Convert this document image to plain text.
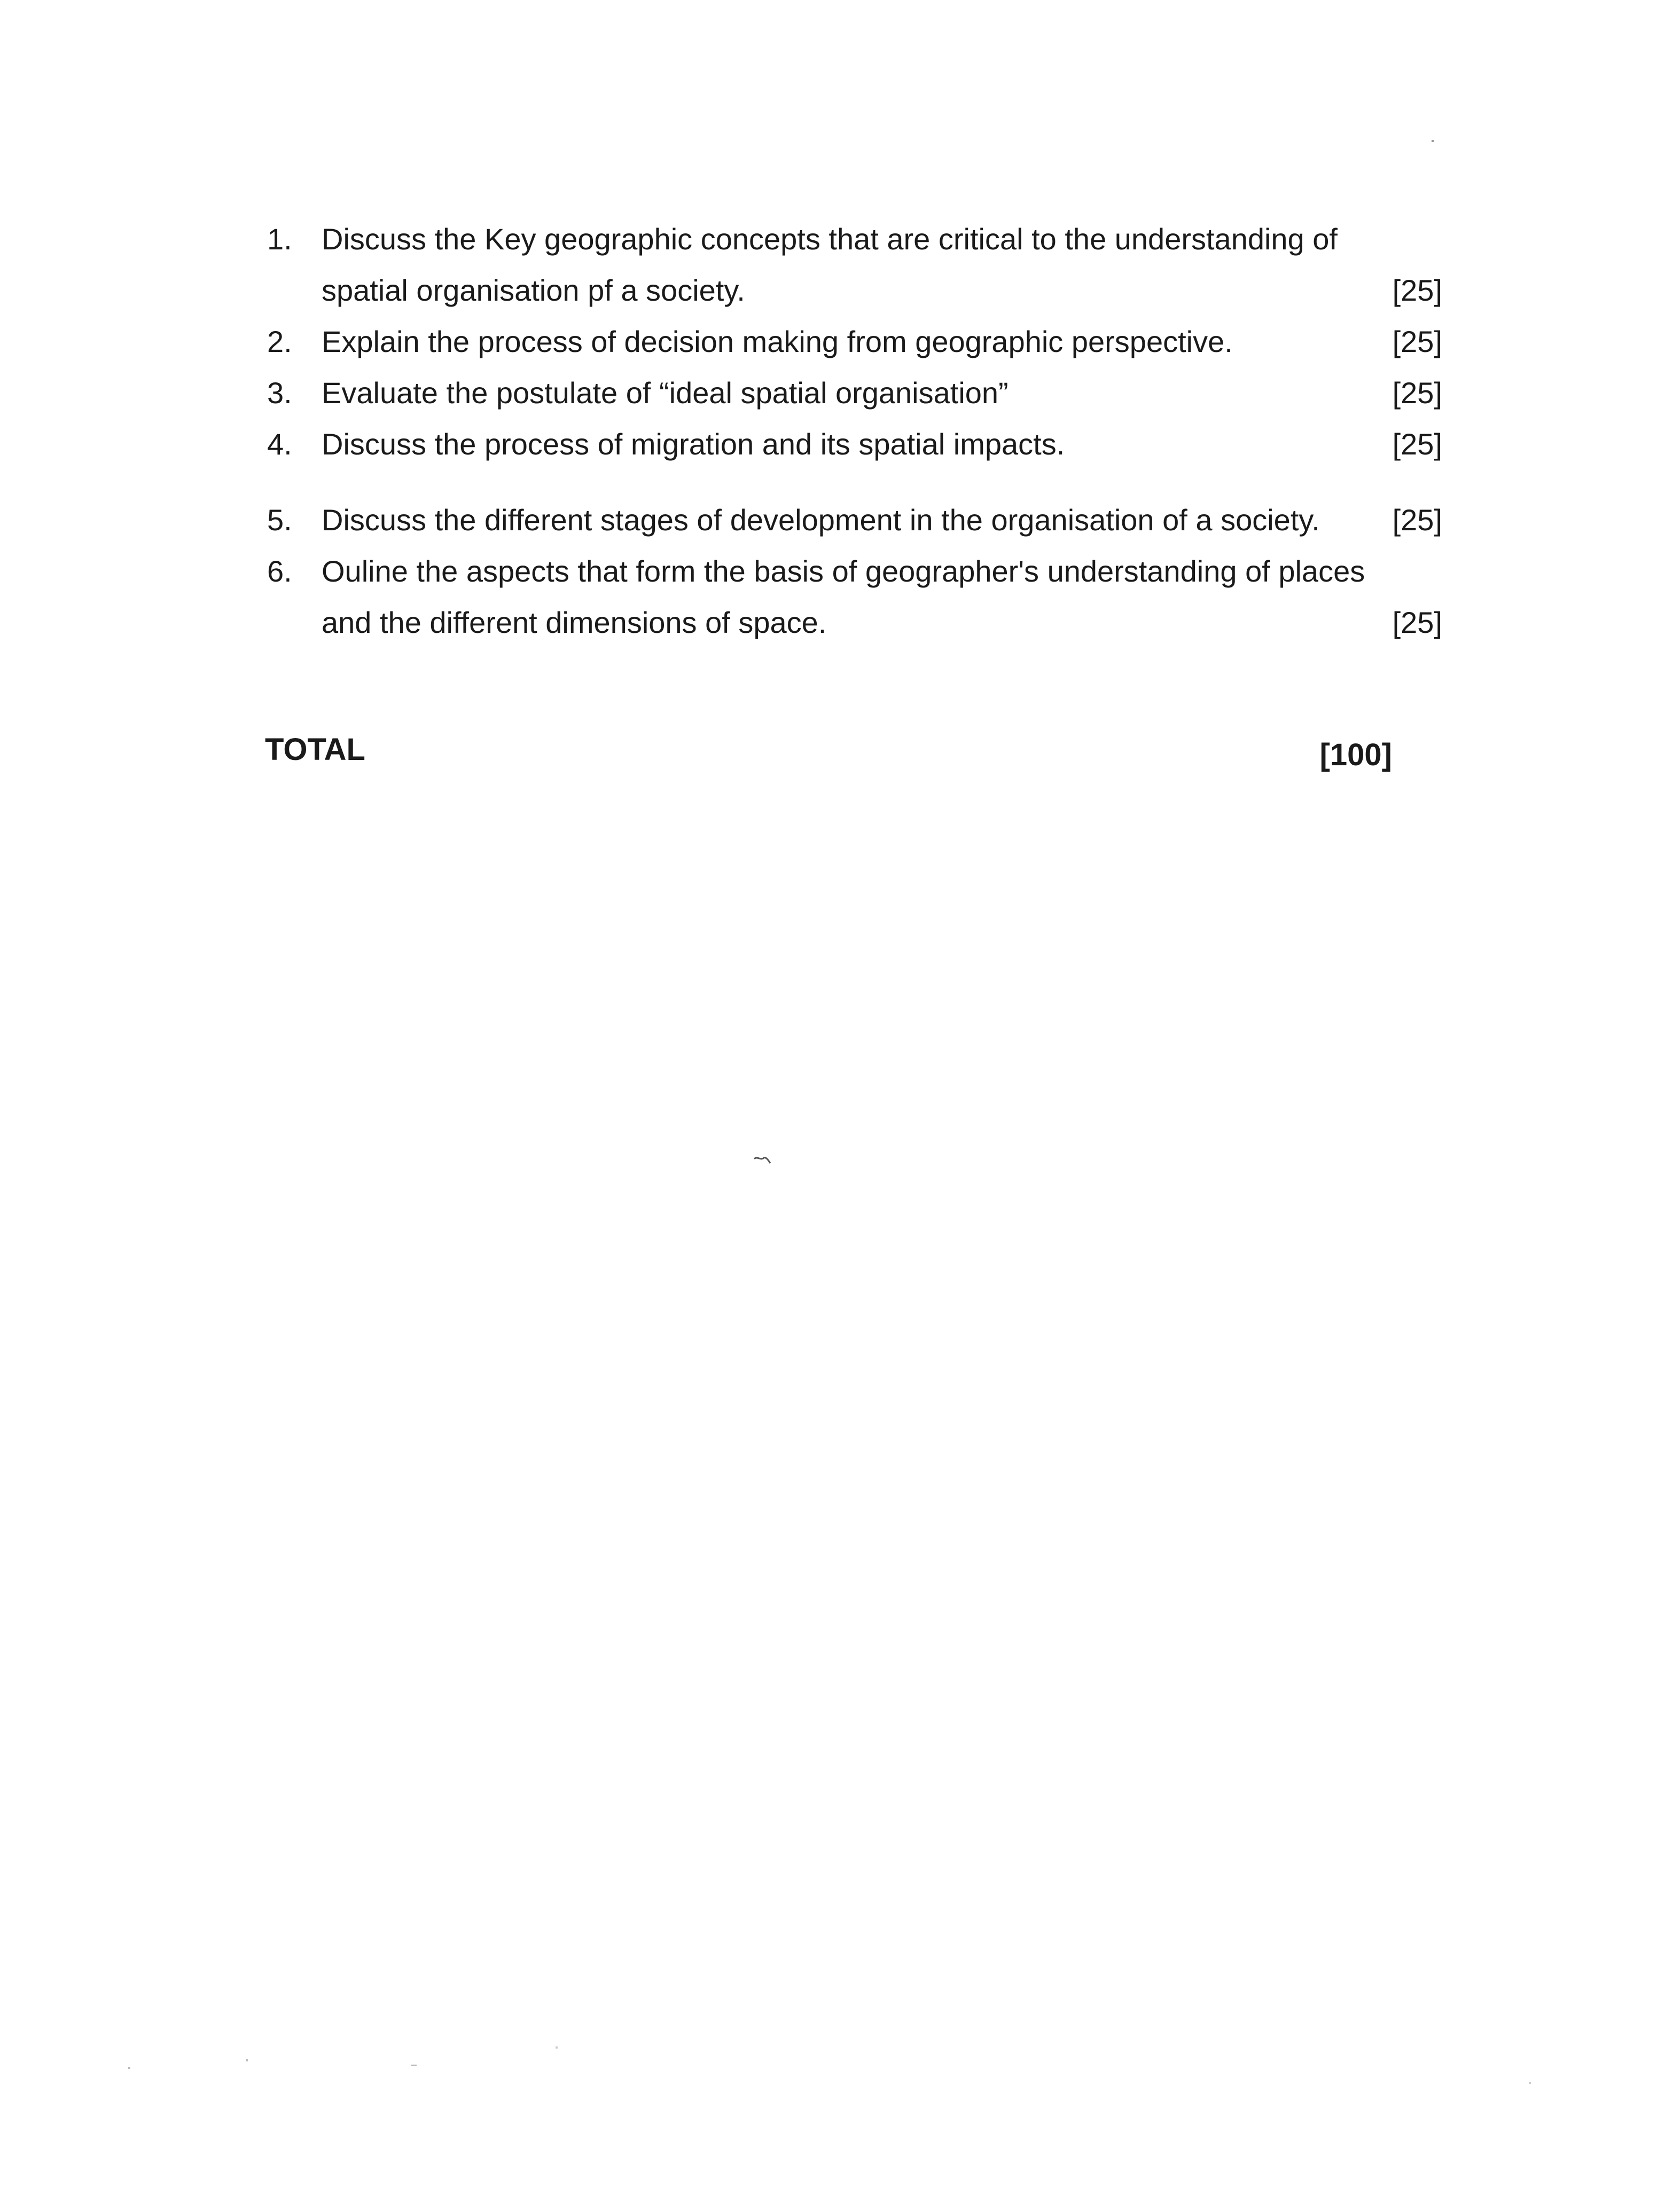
1. Discuss the Key geographic concepts that are critical to the understanding of spatial organisation pf a society.	[25]
2. Explain the process of decision making from geographic perspective.	[25]
3. Evaluate the postulate of “ideal spatial organisation”	[25]
4. Discuss the process of migration and its spatial impacts.	[25]
5. Discuss the different stages of development in the organisation of a society.	[25]
6. Ouline the aspects that form the basis of geographer's understanding of places and the different dimensions of space.	[25]
TOTAL	[100]
